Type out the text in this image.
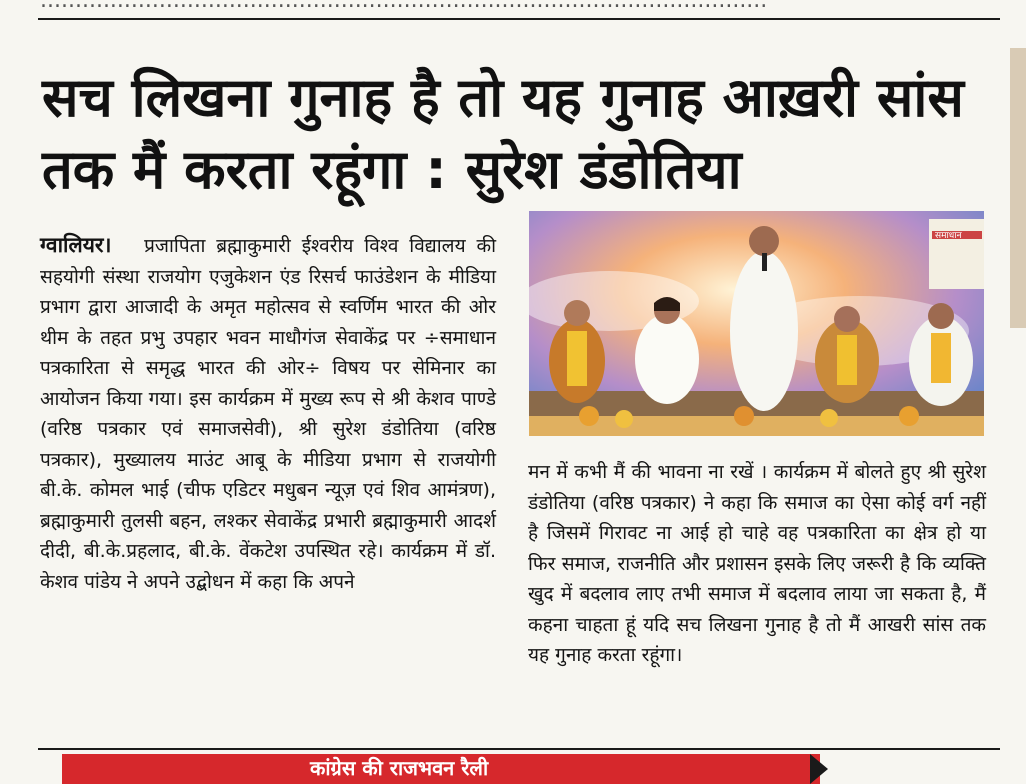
........................................................................................................
सच लिखना गुनाह है तो यह गुनाह आख़री सांस तक मैं करता रहूंगा : सुरेश डंडोतिया

ग्वालियर। प्रजापिता ब्रह्माकुमारी ईश्वरीय विश्व विद्यालय की सहयोगी संस्था राजयोग एजुकेशन एंड रिसर्च फाउंडेशन के मीडिया प्रभाग द्वारा आजादी के अमृत महोत्सव से स्वर्णिम भारत की ओर थीम के तहत प्रभु उपहार भवन माधौगंज सेवाकेंद्र पर ÷समाधान पत्रकारिता से समृद्ध भारत की ओर÷ विषय पर सेमिनार का आयोजन किया गया। इस कार्यक्रम में मुख्य रूप से श्री केशव पाण्डे (वरिष्ठ पत्रकार एवं समाजसेवी), श्री सुरेश डंडोतिया (वरिष्ठ पत्रकार), मुख्यालय माउंट आबू के मीडिया प्रभाग से राजयोगी बी.के. कोमल भाई (चीफ एडिटर मधुबन न्यूज़ एवं शिव आमंत्रण), ब्रह्माकुमारी तुलसी बहन, लश्कर सेवाकेंद्र प्रभारी ब्रह्माकुमारी आदर्श दीदी, बी.के.प्रहलाद, बी.के. वेंकटेश उपस्थित रहे। कार्यक्रम में डॉ. केशव पांडेय ने अपने उद्बोधन में कहा कि अपने

समाधान

मन में कभी मैं की भावना ना रखें । कार्यक्रम में बोलते हुए श्री सुरेश डंडोतिया (वरिष्ठ पत्रकार) ने कहा कि समाज का ऐसा कोई वर्ग नहीं है जिसमें गिरावट ना आई हो चाहे वह पत्रकारिता का क्षेत्र हो या फिर समाज, राजनीति और प्रशासन इसके लिए जरूरी है कि व्यक्ति खुद में बदलाव लाए तभी समाज में बदलाव लाया जा सकता है, मैं कहना चाहता हूं यदि सच लिखना गुनाह है तो मैं आखरी सांस तक यह गुनाह करता रहूंगा।

कांग्रेस की राजभवन रैली
